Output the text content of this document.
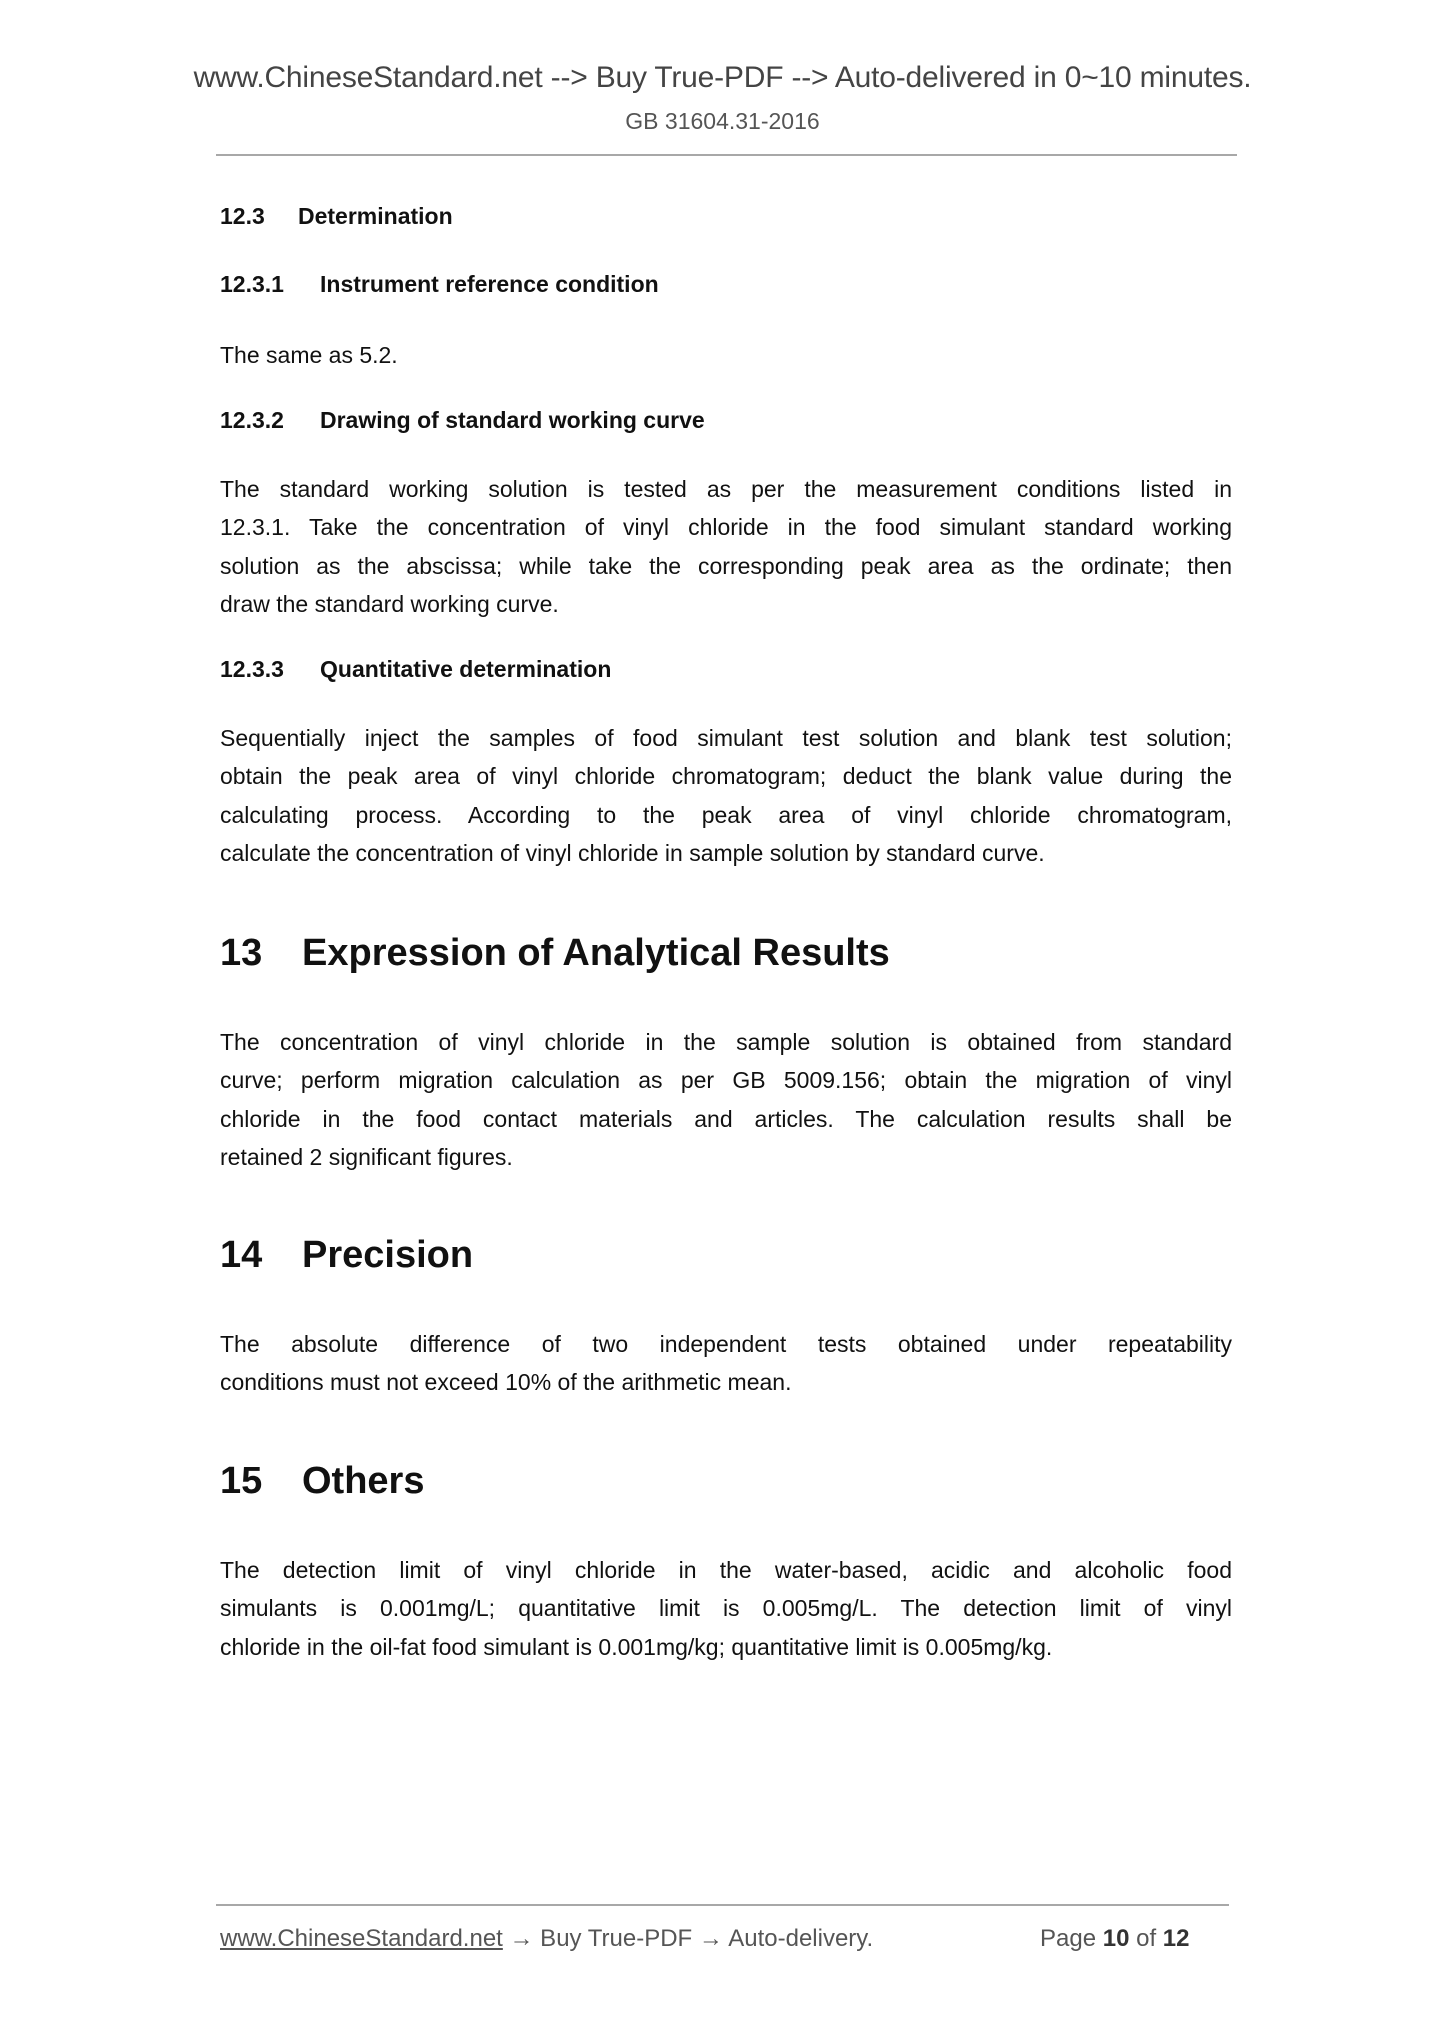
www.ChineseStandard.net --> Buy True-PDF --> Auto-delivered in 0~10 minutes.
GB 31604.31-2016
12.3 Determination
12.3.1 Instrument reference condition
The same as 5.2.
12.3.2 Drawing of standard working curve
The standard working solution is tested as per the measurement conditions listed in
12.3.1. Take the concentration of vinyl chloride in the food simulant standard working
solution as the abscissa; while take the corresponding peak area as the ordinate; then
draw the standard working curve.
12.3.3 Quantitative determination
Sequentially inject the samples of food simulant test solution and blank test solution;
obtain the peak area of vinyl chloride chromatogram; deduct the blank value during the
calculating process. According to the peak area of vinyl chloride chromatogram,
calculate the concentration of vinyl chloride in sample solution by standard curve.
13 Expression of Analytical Results
The concentration of vinyl chloride in the sample solution is obtained from standard
curve; perform migration calculation as per GB 5009.156; obtain the migration of vinyl
chloride in the food contact materials and articles. The calculation results shall be
retained 2 significant figures.
14 Precision
The absolute difference of two independent tests obtained under repeatability
conditions must not exceed 10% of the arithmetic mean.
15 Others
The detection limit of vinyl chloride in the water-based, acidic and alcoholic food
simulants is 0.001mg/L; quantitative limit is 0.005mg/L. The detection limit of vinyl
chloride in the oil-fat food simulant is 0.001mg/kg; quantitative limit is 0.005mg/kg.
www.ChineseStandard.net → Buy True-PDF → Auto-delivery.	Page 10 of 12
